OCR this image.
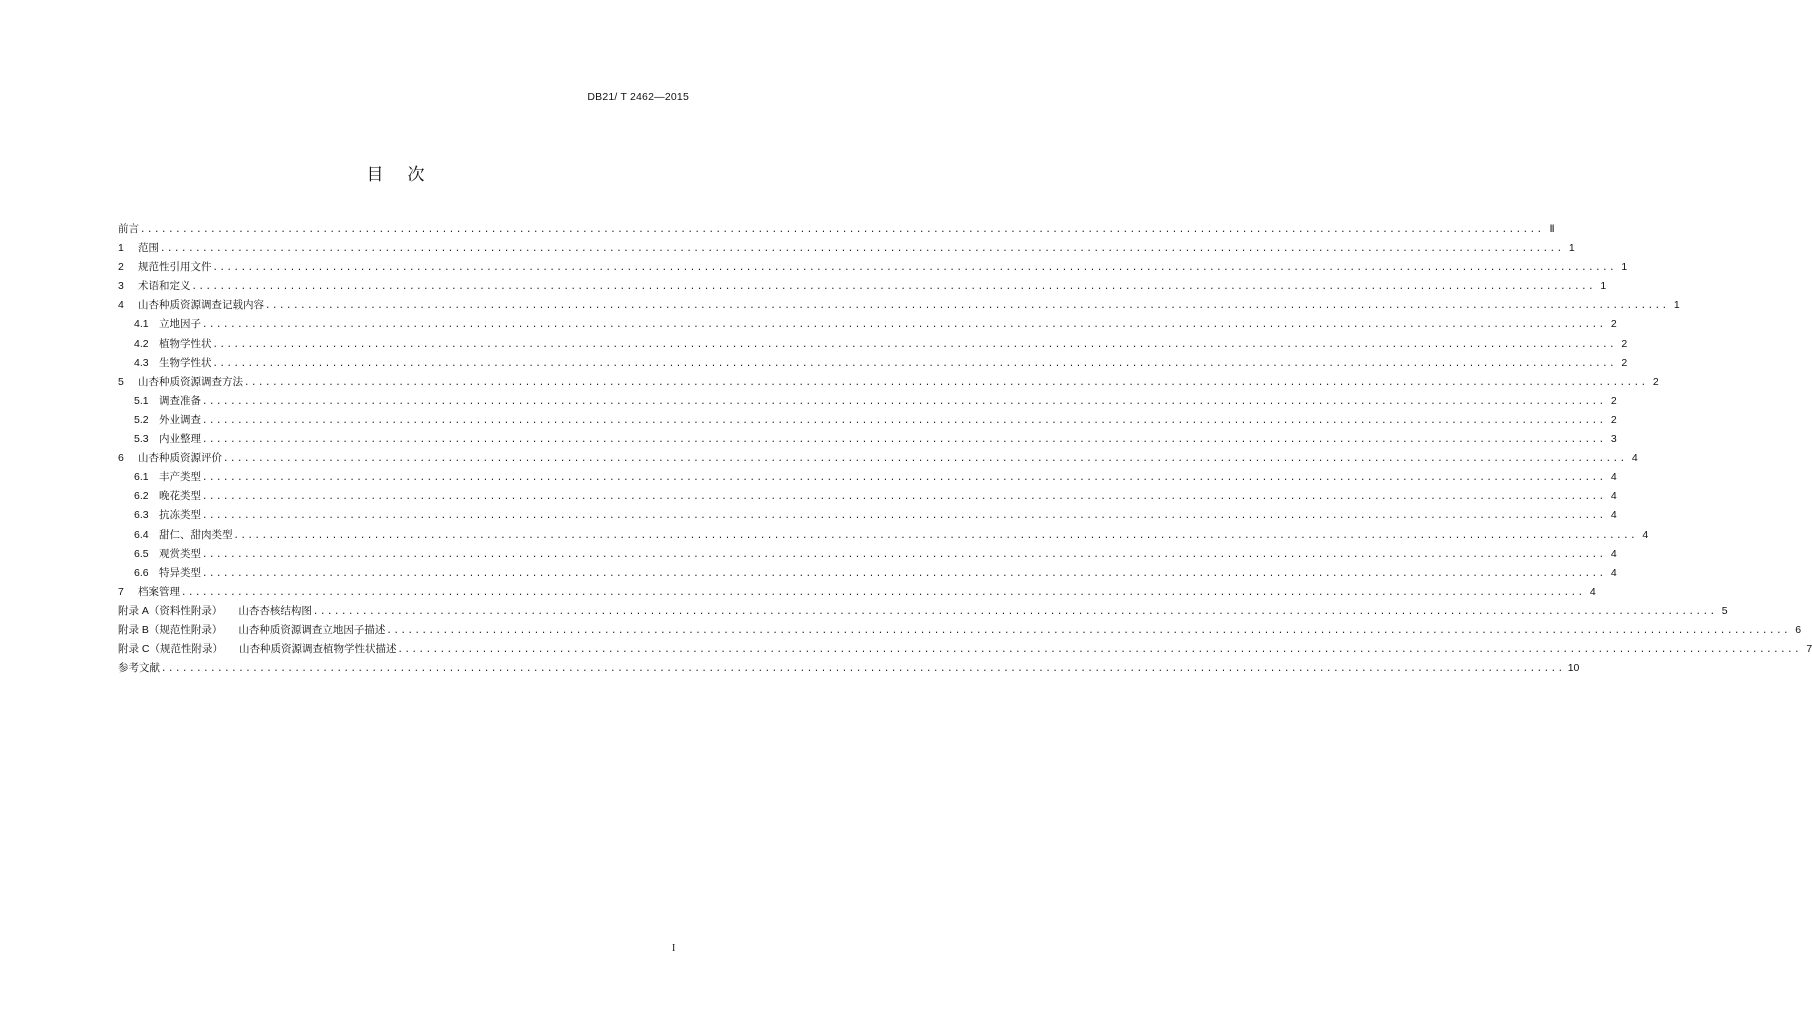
DB21/ T 2462—2015
目次
前言 ........................................................................................................................................................................................................ Ⅱ
1	范围 ........................................................................................................................................................................................................ 1
2	规范性引用文件 ........................................................................................................................................................................................................ 1
3	术语和定义 ........................................................................................................................................................................................................ 1
4	山杏种质资源调查记载内容 ........................................................................................................................................................................................................ 1
4.1 立地因子 ........................................................................................................................................................................................................ 2
4.2 植物学性状 ........................................................................................................................................................................................................ 2
4.3 生物学性状 ........................................................................................................................................................................................................ 2
5	山杏种质资源调查方法 ........................................................................................................................................................................................................ 2
5.1 调查准备 ........................................................................................................................................................................................................ 2
5.2 外业调查 ........................................................................................................................................................................................................ 2
5.3 内业整理 ........................................................................................................................................................................................................ 3
6	山杏种质资源评价 ........................................................................................................................................................................................................ 4
6.1 丰产类型 ........................................................................................................................................................................................................ 4
6.2 晚花类型 ........................................................................................................................................................................................................ 4
6.3 抗冻类型 ........................................................................................................................................................................................................ 4
6.4 甜仁、甜肉类型 ........................................................................................................................................................................................................ 4
6.5 观赏类型 ........................................................................................................................................................................................................ 4
6.6 特异类型 ........................................................................................................................................................................................................ 4
7	档案管理 ........................................................................................................................................................................................................ 4
附录 A（资料性附录） 山杏杏核结构图 ........................................................................................................................................................................................................ 5
附录 B（规范性附录） 山杏种质资源调查立地因子描述 ........................................................................................................................................................................................................ 6
附录 C（规范性附录） 山杏种质资源调查植物学性状描述 ........................................................................................................................................................................................................ 7
参考文献 ........................................................................................................................................................................................................ 10
I
